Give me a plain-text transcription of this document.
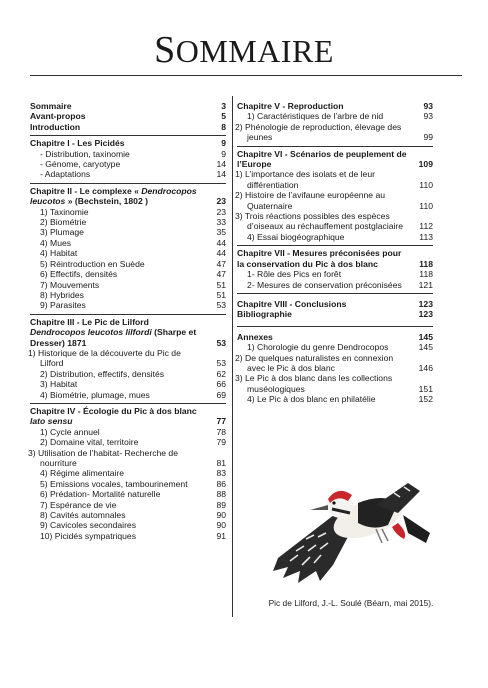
SOMMAIRE
Sommaire	3
Avant-propos	5
Introduction	8
Chapitre I - Les Picidés	9
- Distribution, taxinomie	9
- Génome, caryotype	14
- Adaptations	14
Chapitre II - Le complexe « Dendrocopos leucotos » (Bechstein, 1802 )	23
1) Taxinomie	23
2) Biométrie	33
3) Plumage	35
4) Mues	44
4) Habitat	44
5) Réintroduction en Suède	47
6) Effectifs, densités	47
7) Mouvements	51
8) Hybrides	51
9) Parasites	53
Chapitre III - Le Pic de Lilford Dendrocopos leucotos lilfordi (Sharpe et Dresser) 1871	53
1) Historique de la découverte du Pic de Lilford	53
2) Distribution, effectifs, densités	62
3) Habitat	66
4) Biométrie, plumage, mues	69
Chapitre IV - Écologie du Pic à dos blanc lato sensu	77
1) Cycle annuel	78
2) Domaine vital, territoire	79
3) Utilisation de l’habitat- Recherche de nourriture	81
4) Régime alimentaire	83
5) Emissions vocales, tambourinement	86
6) Prédation- Mortalité naturelle	88
7) Espérance de vie	89
8) Cavités automnales	90
9) Cavicoles secondaires	90
10) Picidés sympatriques	91
Chapitre V - Reproduction	93
1) Caractéristiques de l’arbre de nid	93
2) Phénologie de reproduction, élevage des jeunes	99
Chapitre VI - Scénarios de peuplement de l’Europe	109
1) L’importance des isolats et de leur différentiation	110
2) Histoire de l’avifaune européenne au Quaternaire	110
3) Trois réactions possibles des espèces d’oiseaux au réchauffement postglaciaire	112
4) Essai biogéographique	113
Chapitre VII - Mesures préconisées pour la conservation du Pic à dos blanc	118
1- Rôle des Pics en forêt	118
2- Mesures de conservation préconisées	121
Chapitre VIII - Conclusions	123
Bibliographie	123
Annexes	145
1) Chorologie du genre Dendrocopos	145
2) De quelques naturalistes en connexion avec le Pic à dos blanc	146
3) Le Pic à dos blanc dans les collections muséologiques	151
4) Le Pic à dos blanc en philatélie	152
Pic de Lilford, J.-L. Soulé (Béarn, mai 2015).
